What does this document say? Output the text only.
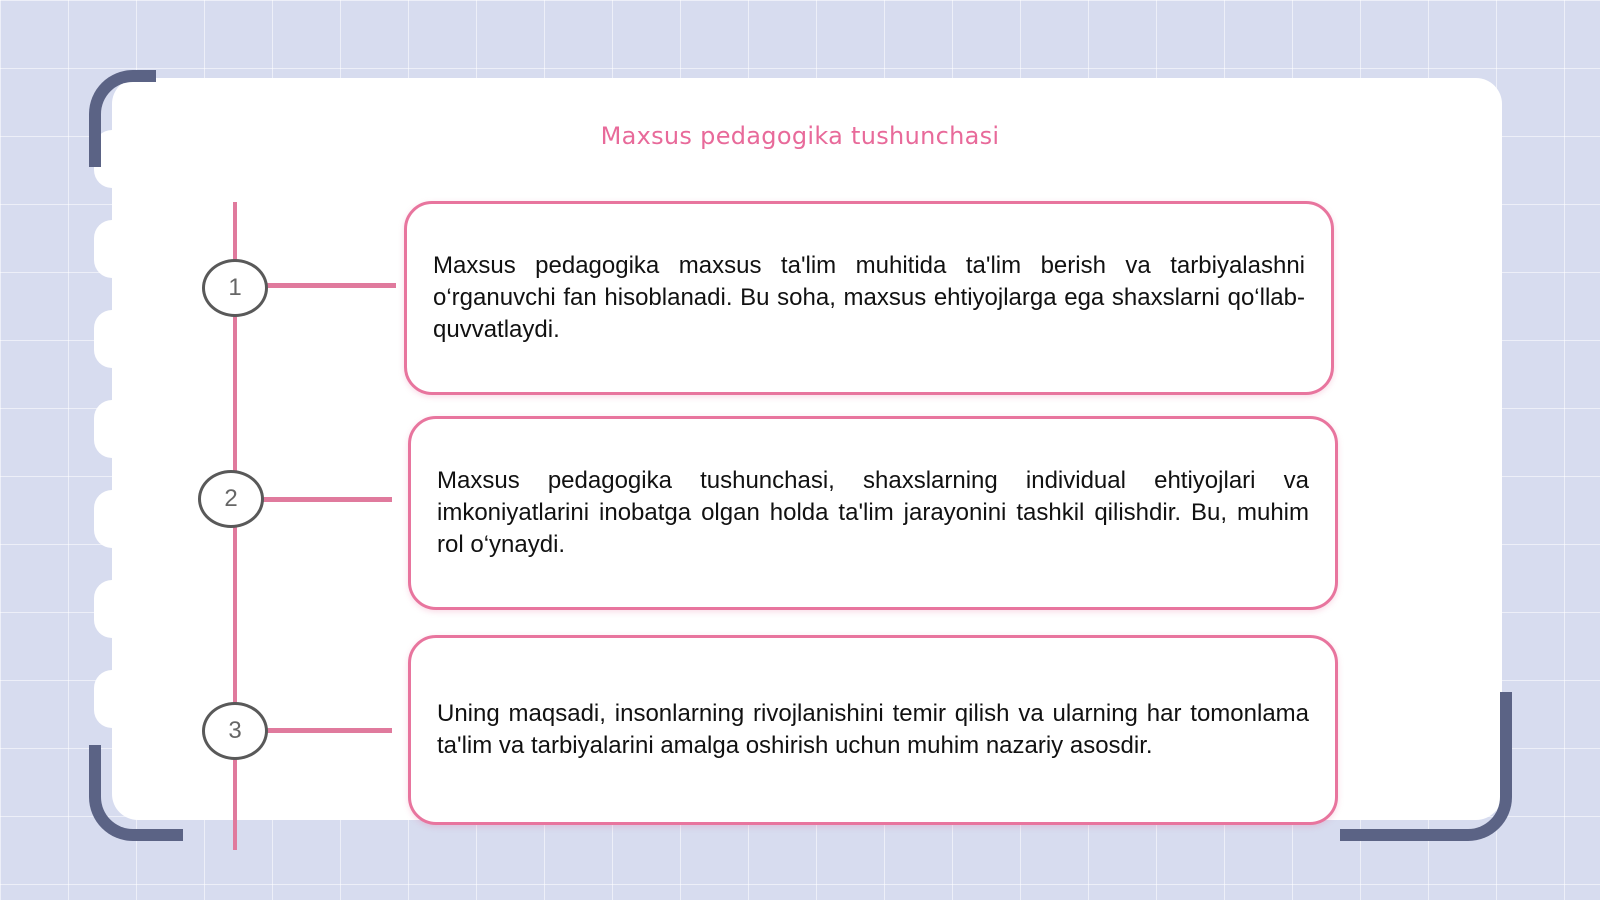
Maxsus pedagogika tushunchasi
1

Maxsus pedagogika maxsus ta'lim muhitida ta'lim berish va tarbiyalashni o‘rganuvchi fan hisoblanadi. Bu soha, maxsus ehtiyojlarga ega shaxslarni qo‘llab-quvvatlaydi.

2

Maxsus pedagogika tushunchasi, shaxslarning individual ehtiyojlari va imkoniyatlarini inobatga olgan holda ta'lim jarayonini tashkil qilishdir. Bu, muhim rol o‘ynaydi.

3

Uning maqsadi, insonlarning rivojlanishini temir qilish va ularning har tomonlama ta'lim va tarbiyalarini amalga oshirish uchun muhim nazariy asosdir.
